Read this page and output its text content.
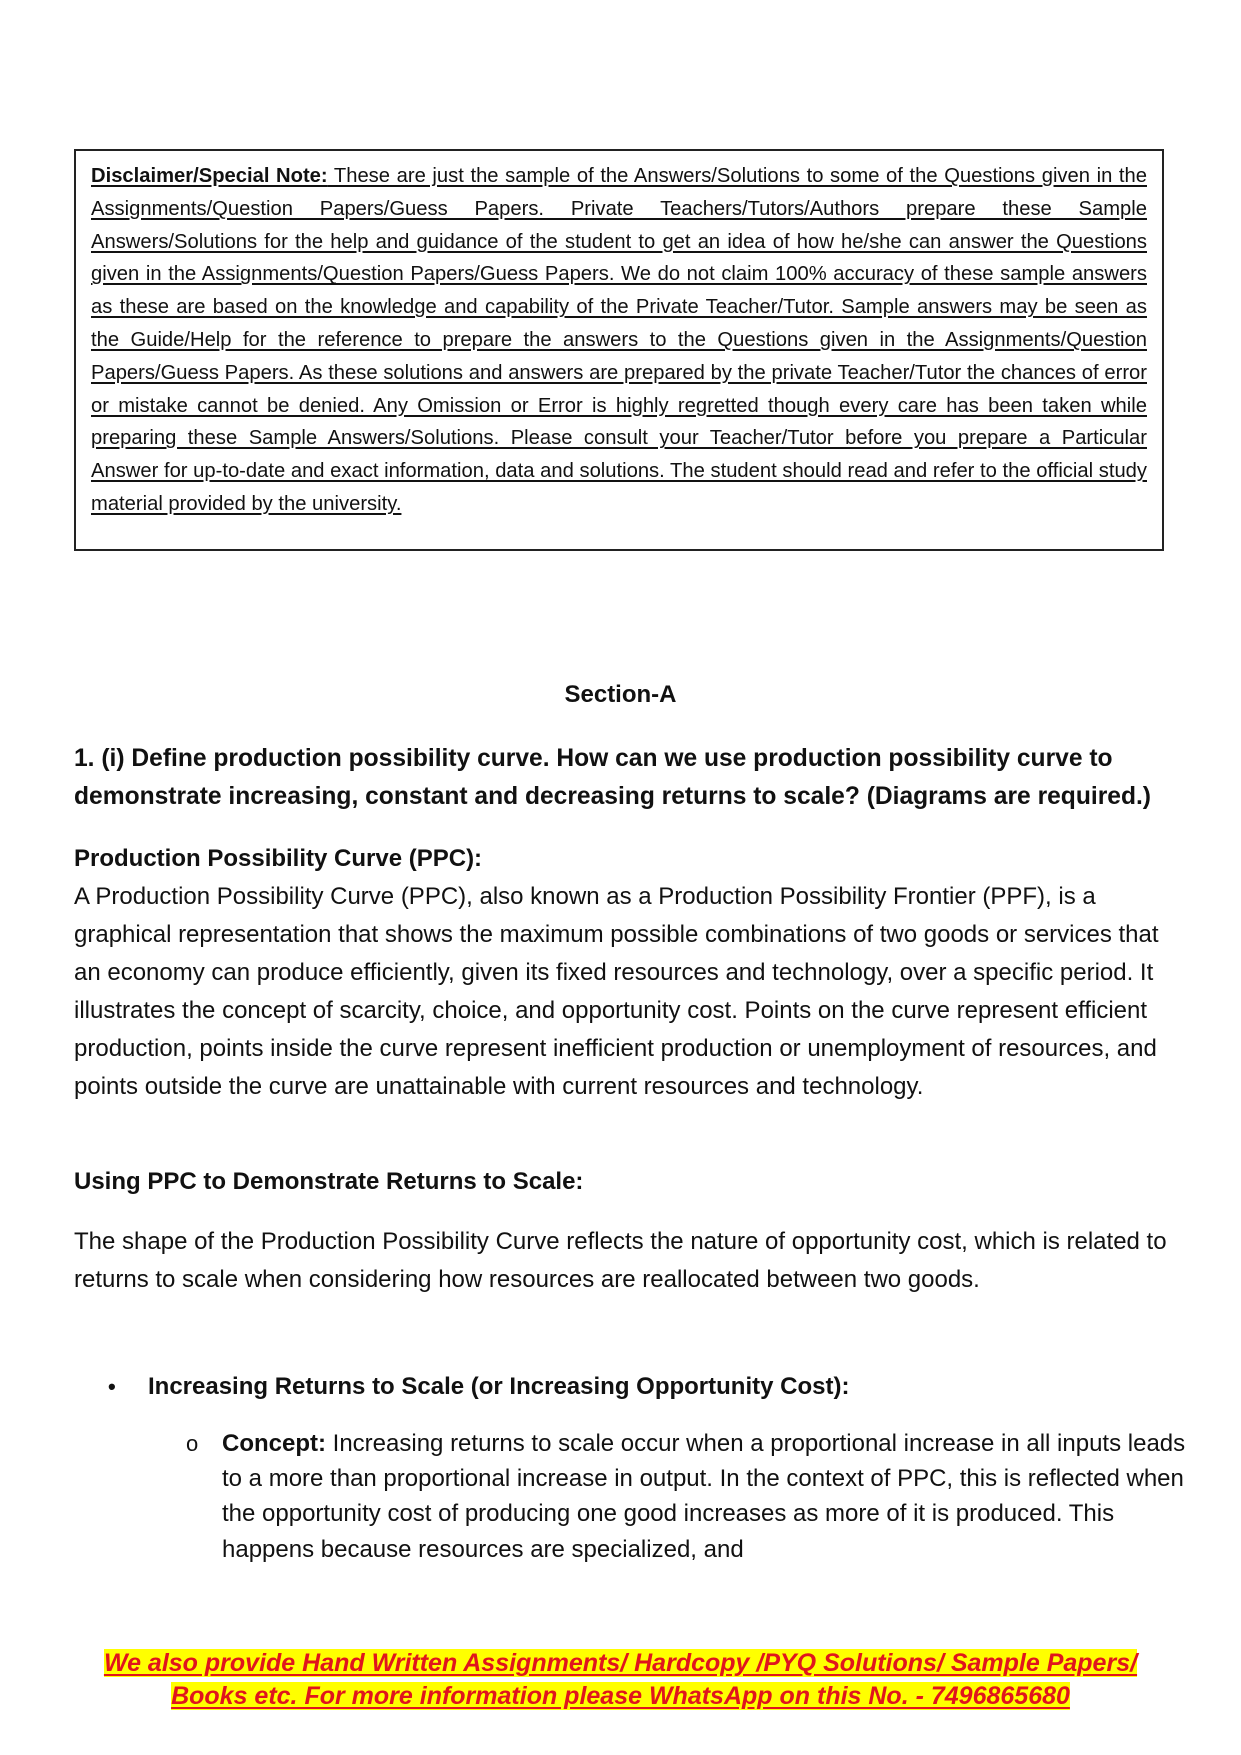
Disclaimer/Special Note: These are just the sample of the Answers/Solutions to some of the Questions given in the Assignments/Question Papers/Guess Papers. Private Teachers/Tutors/Authors prepare these Sample Answers/Solutions for the help and guidance of the student to get an idea of how he/she can answer the Questions given in the Assignments/Question Papers/Guess Papers. We do not claim 100% accuracy of these sample answers as these are based on the knowledge and capability of the Private Teacher/Tutor. Sample answers may be seen as the Guide/Help for the reference to prepare the answers to the Questions given in the Assignments/Question Papers/Guess Papers. As these solutions and answers are prepared by the private Teacher/Tutor the chances of error or mistake cannot be denied. Any Omission or Error is highly regretted though every care has been taken while preparing these Sample Answers/Solutions. Please consult your Teacher/Tutor before you prepare a Particular Answer for up-to-date and exact information, data and solutions. The student should read and refer to the official study material provided by the university.

Section-A

1. (i) Define production possibility curve. How can we use production possibility curve to demonstrate increasing, constant and decreasing returns to scale? (Diagrams are required.)

Production Possibility Curve (PPC):

A Production Possibility Curve (PPC), also known as a Production Possibility Frontier (PPF), is a graphical representation that shows the maximum possible combinations of two goods or services that an economy can produce efficiently, given its fixed resources and technology, over a specific period. It illustrates the concept of scarcity, choice, and opportunity cost. Points on the curve represent efficient production, points inside the curve represent inefficient production or unemployment of resources, and points outside the curve are unattainable with current resources and technology.

Using PPC to Demonstrate Returns to Scale:

The shape of the Production Possibility Curve reflects the nature of opportunity cost, which is related to returns to scale when considering how resources are reallocated between two goods.

• Increasing Returns to Scale (or Increasing Opportunity Cost):

o Concept: Increasing returns to scale occur when a proportional increase in all inputs leads to a more than proportional increase in output. In the context of PPC, this is reflected when the opportunity cost of producing one good increases as more of it is produced. This happens because resources are specialized, and

We also provide Hand Written Assignments/ Hardcopy /PYQ Solutions/ Sample Papers/
Books etc. For more information please WhatsApp on this No. - 7496865680
